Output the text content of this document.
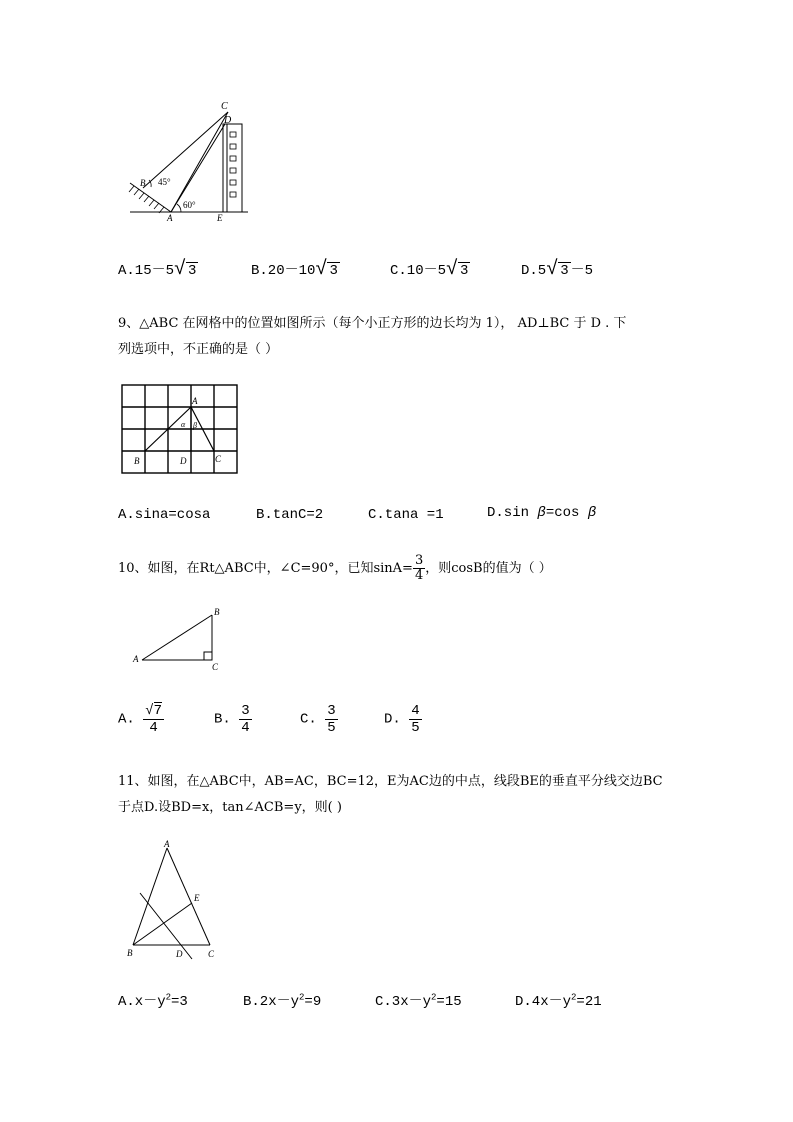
C
D
B
A	E
45°
60°
A.15－5√ 3	B.20－10√ 3	C.10－5√ 3	D.5√ 3 －5
9、△ABC 在网格中的位置如图所示（每个小正方形的边长均为 1）， AD⊥BC 于 D . 下
列选项中，不正确的是（ ）
A
B	D	C
α β
A.sina=cosa	B.tanC=2	C.tana =1	D.sin β=cos β
10、如图，在Rt△ABC中，∠C=90°，已知$\sin A= \frac{3}{4}$ ，则cosB的值为（ ）
A
B
C
A. $\frac{√7}{4}$	B. $\frac{3}{4}$	C. $\frac{3}{5}$	D. $\frac{4}{5}$
11、如图，在△ABC中，AB=AC，BC=12，E为AC边的中点，线段BE的垂直平分线交边BC
于点D.设BD=x，tan∠ACB=y，则( )
A
E
B	D	C
$A.x-y^2=3$	$B.2x-y^2=9$	$C.3x-y^2=15$	$D.4x-y^2=21$
